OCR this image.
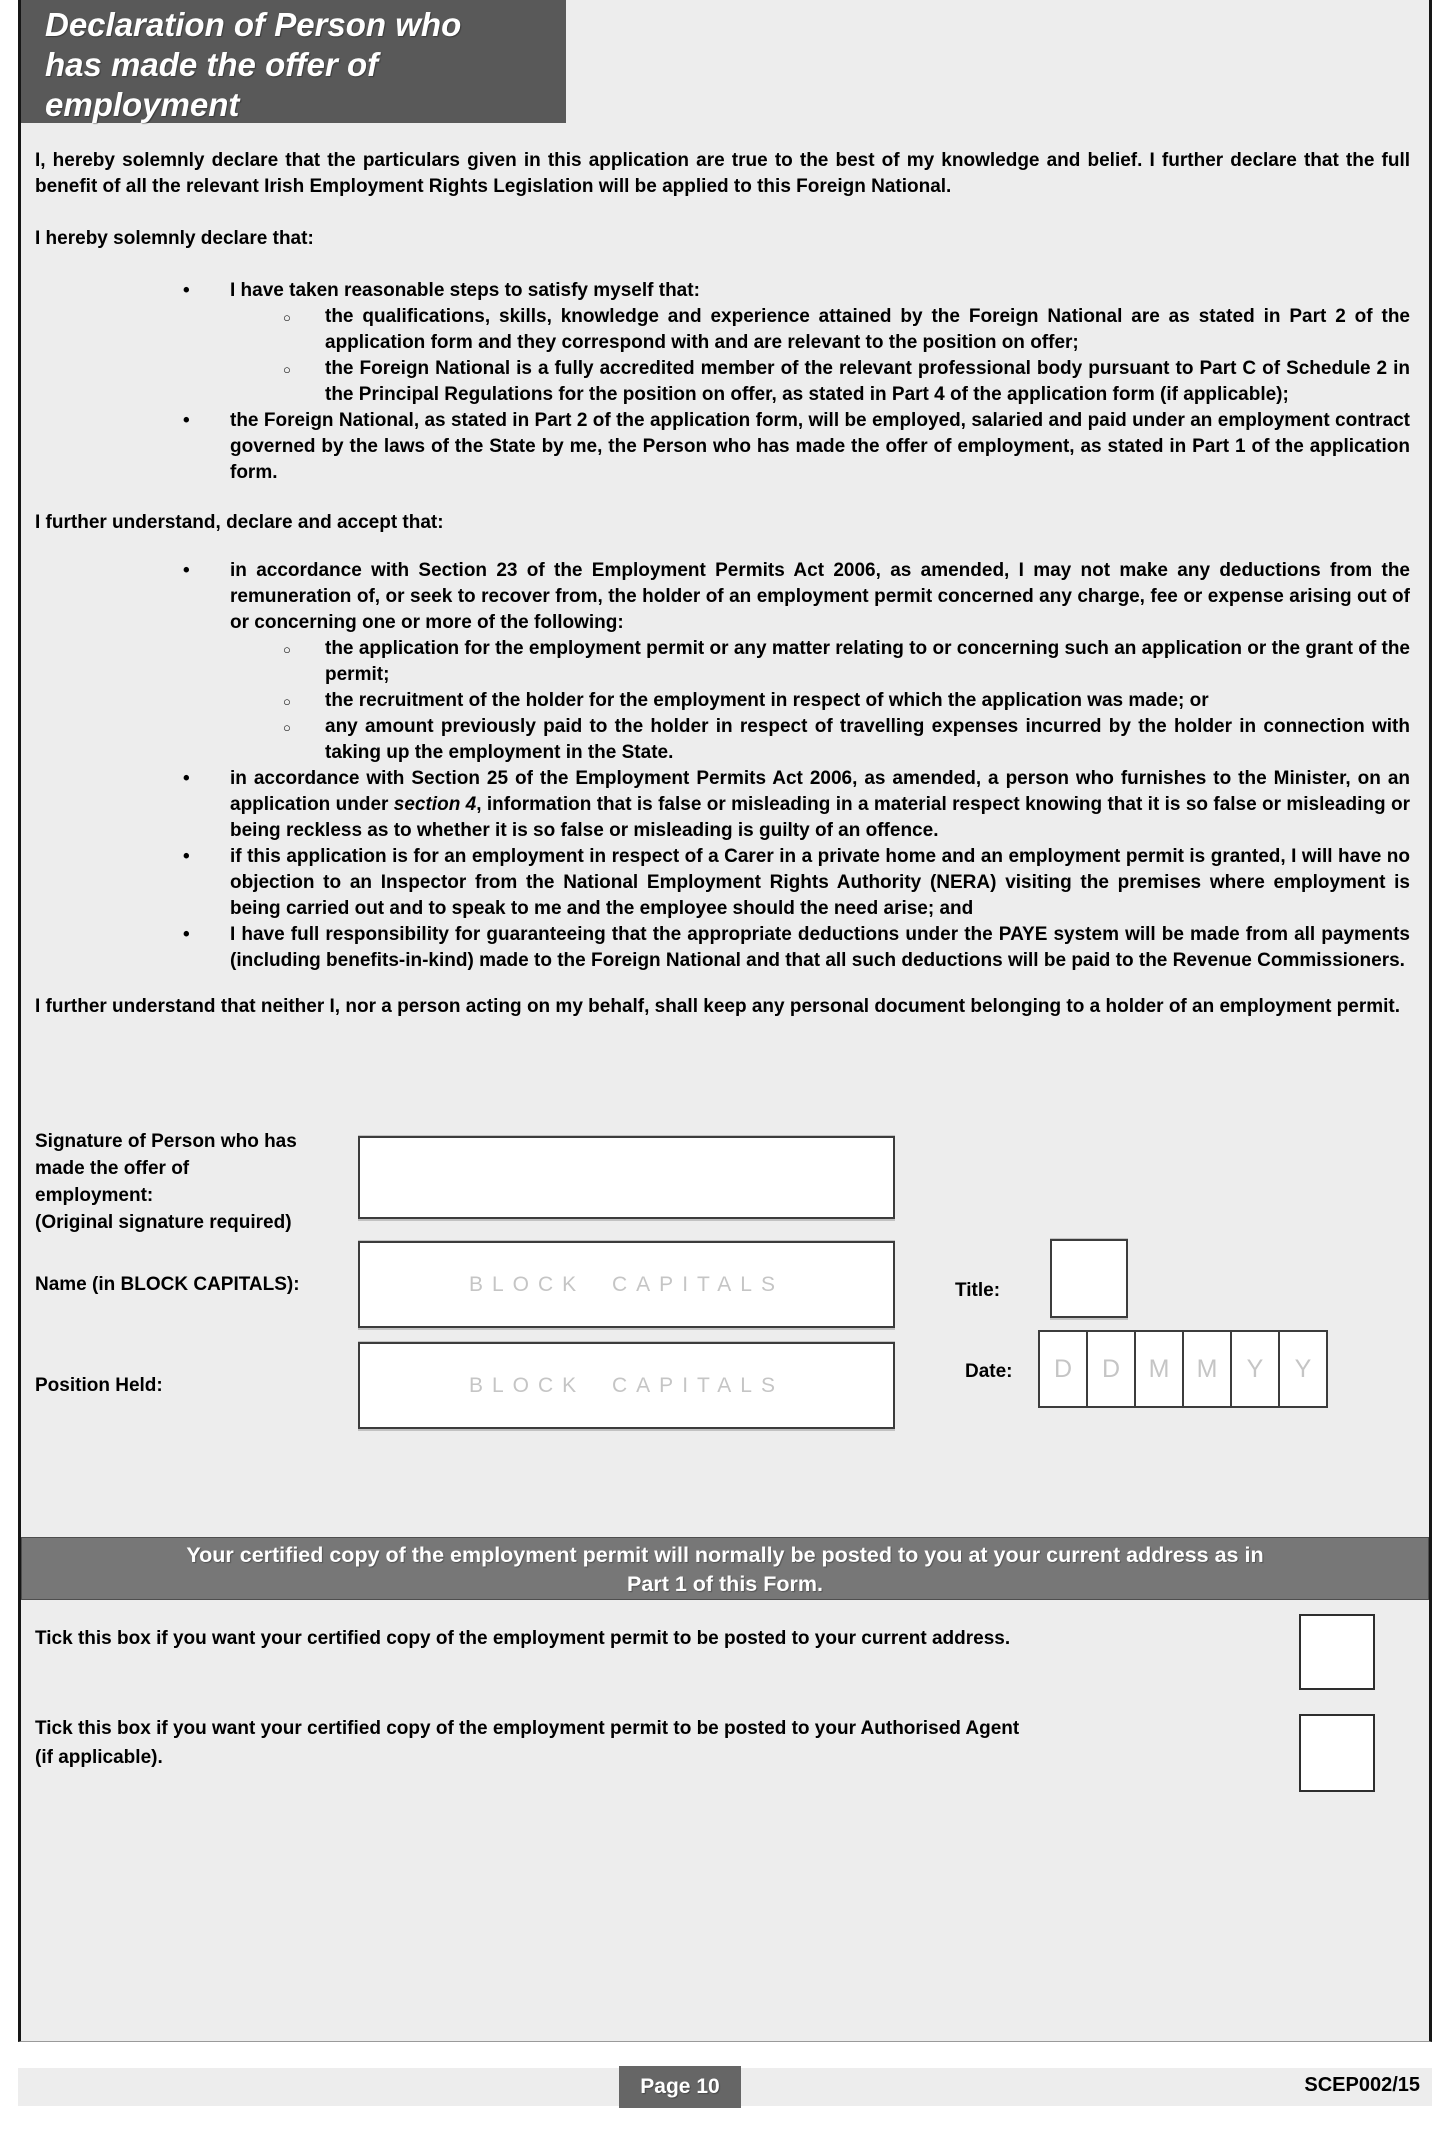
Declaration of Person who
has made the offer of
employment
I, hereby solemnly declare that the particulars given in this application are true to the best of my knowledge and belief. I further declare that the full benefit of all the relevant Irish Employment Rights Legislation will be applied to this Foreign National.
I hereby solemnly declare that:
• I have taken reasonable steps to satisfy myself that:
○ the qualifications, skills, knowledge and experience attained by the Foreign National are as stated in Part 2 of the application form and they correspond with and are relevant to the position on offer;
○ the Foreign National is a fully accredited member of the relevant professional body pursuant to Part C of Schedule 2 in the Principal Regulations for the position on offer, as stated in Part 4 of the application form (if applicable);
• the Foreign National, as stated in Part 2 of the application form, will be employed, salaried and paid under an employment contract governed by the laws of the State by me, the Person who has made the offer of employment, as stated in Part 1 of the application form.
I further understand, declare and accept that:
• in accordance with Section 23 of the Employment Permits Act 2006, as amended, I may not make any deductions from the remuneration of, or seek to recover from, the holder of an employment permit concerned any charge, fee or expense arising out of or concerning one or more of the following:
○ the application for the employment permit or any matter relating to or concerning such an application or the grant of the permit;
○ the recruitment of the holder for the employment in respect of which the application was made; or
○ any amount previously paid to the holder in respect of travelling expenses incurred by the holder in connection with taking up the employment in the State.
• in accordance with Section 25 of the Employment Permits Act 2006, as amended, a person who furnishes to the Minister, on an application under section 4, information that is false or misleading in a material respect knowing that it is so false or misleading or being reckless as to whether it is so false or misleading is guilty of an offence.
• if this application is for an employment in respect of a Carer in a private home and an employment permit is granted, I will have no objection to an Inspector from the National Employment Rights Authority (NERA) visiting the premises where employment is being carried out and to speak to me and the employee should the need arise; and
• I have full responsibility for guaranteeing that the appropriate deductions under the PAYE system will be made from all payments (including benefits-in-kind) made to the Foreign National and that all such deductions will be paid to the Revenue Commissioners.
I further understand that neither I, nor a person acting on my behalf, shall keep any personal document belonging to a holder of an employment permit.
Signature of Person who has
made the offer of
employment:
(Original signature required)
Name (in BLOCK CAPITALS):	BLOCK CAPITALS	Title:
Position Held:	BLOCK CAPITALS
Date:	D	D	M	M	Y	Y
Your certified copy of the employment permit will normally be posted to you at your current address as in
Part 1 of this Form.
Tick this box if you want your certified copy of the employment permit to be posted to your current address.
Tick this box if you want your certified copy of the employment permit to be posted to your Authorised Agent
(if applicable).
Page 10	SCEP002/15
